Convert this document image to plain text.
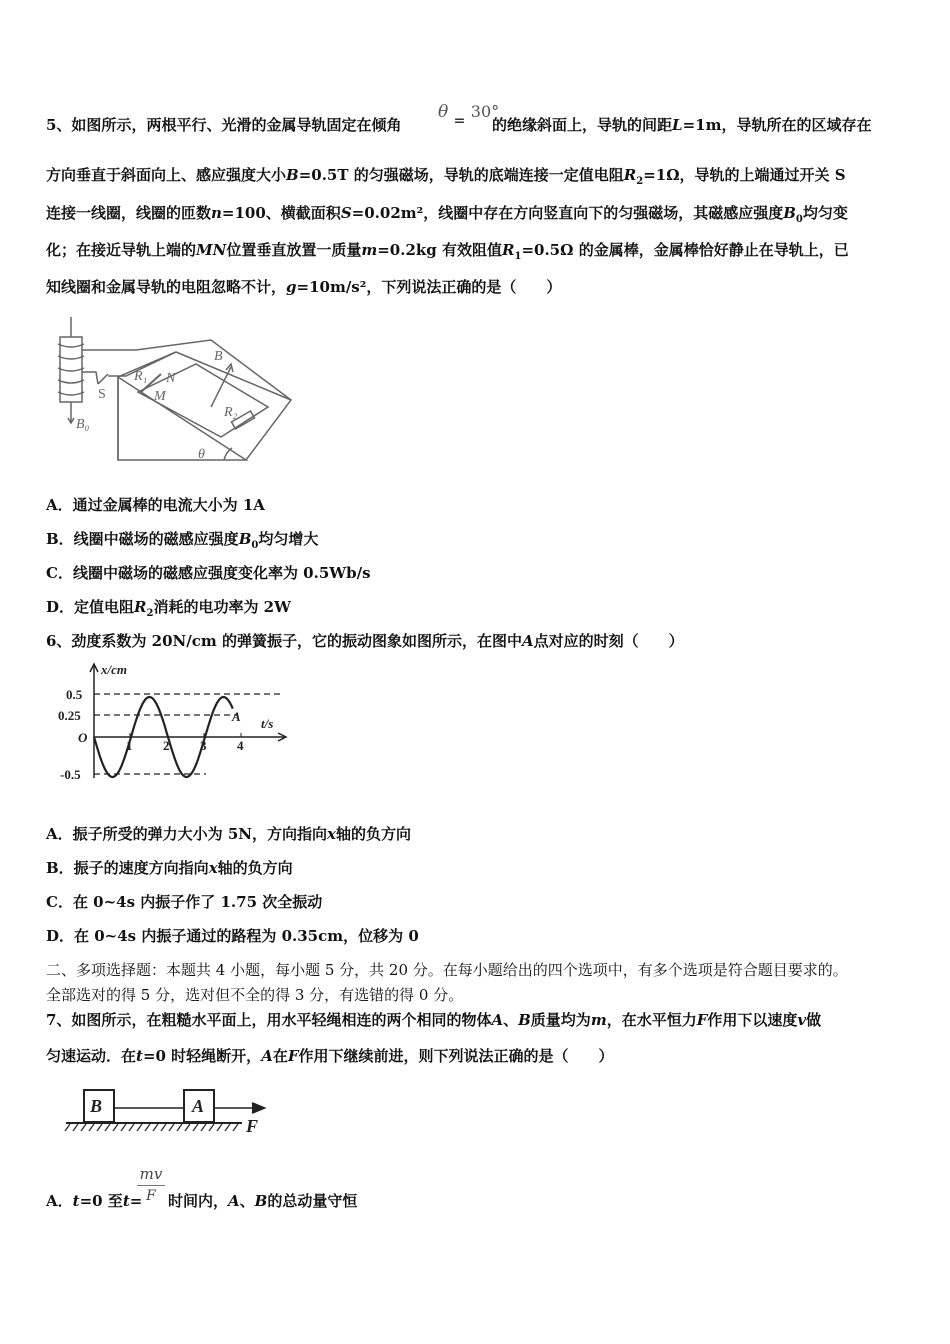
5、如图所示，两根平行、光滑的金属导轨固定在倾角
θ $_=$ 30°
的绝缘斜面上，导轨的间距L=1m，导轨所在的区域存在
方向垂直于斜面向上、感应强度大小B=0.5T 的匀强磁场，导轨的底端连接一定值电阻$R_2=1\Omega$，导轨的上端通过开关 S
连接一线圈，线圈的匝数n=100、横截面积S=0.02m²，线圈中存在方向竖直向下的匀强磁场，其磁感应强度$B_0$均匀变
化；在接近导轨上端的MN位置垂直放置一质量m=0.2kg 有效阻值$R_1=0.5\Omega$ 的金属棒，金属棒恰好静止在导轨上，已
知线圈和金属导轨的电阻忽略不计，g=10m/s²，下列说法正确的是（　　）
B
R₁
M
N
R₂
S
B₀
θ
A．通过金属棒的电流大小为 1A
B．线圈中磁场的磁感应强度$B_0$均匀增大
C．线圈中磁场的磁感应强度变化率为 0.5Wb/s
D．定值电阻$R_2$消耗的电功率为 2W
6、劲度系数为 20N/cm 的弹簧振子，它的振动图象如图所示，在图中A点对应的时刻（　　）
x/cm
t/s
0.5
0.25
O
-0.5
1 2 3 4
A
A．振子所受的弹力大小为 5N，方向指向x轴的负方向
B．振子的速度方向指向x轴的负方向
C．在 0~4s 内振子作了 1.75 次全振动
D．在 0~4s 内振子通过的路程为 0.35cm，位移为 0
二、多项选择题：本题共 4 小题，每小题 5 分，共 20 分。在每小题给出的四个选项中，有多个选项是符合题目要求的。
全部选对的得 5 分，选对但不全的得 3 分，有选错的得 0 分。
7、如图所示，在粗糙水平面上，用水平轻绳相连的两个相同的物体A、B质量均为m，在水平恒力F作用下以速度v做
匀速运动．在t=0 时轻绳断开，A在F作用下继续前进，则下列说法正确的是（　　）
B	A
F
A．t=0 至t=
mv
F 时间内，A、B的总动量守恒
